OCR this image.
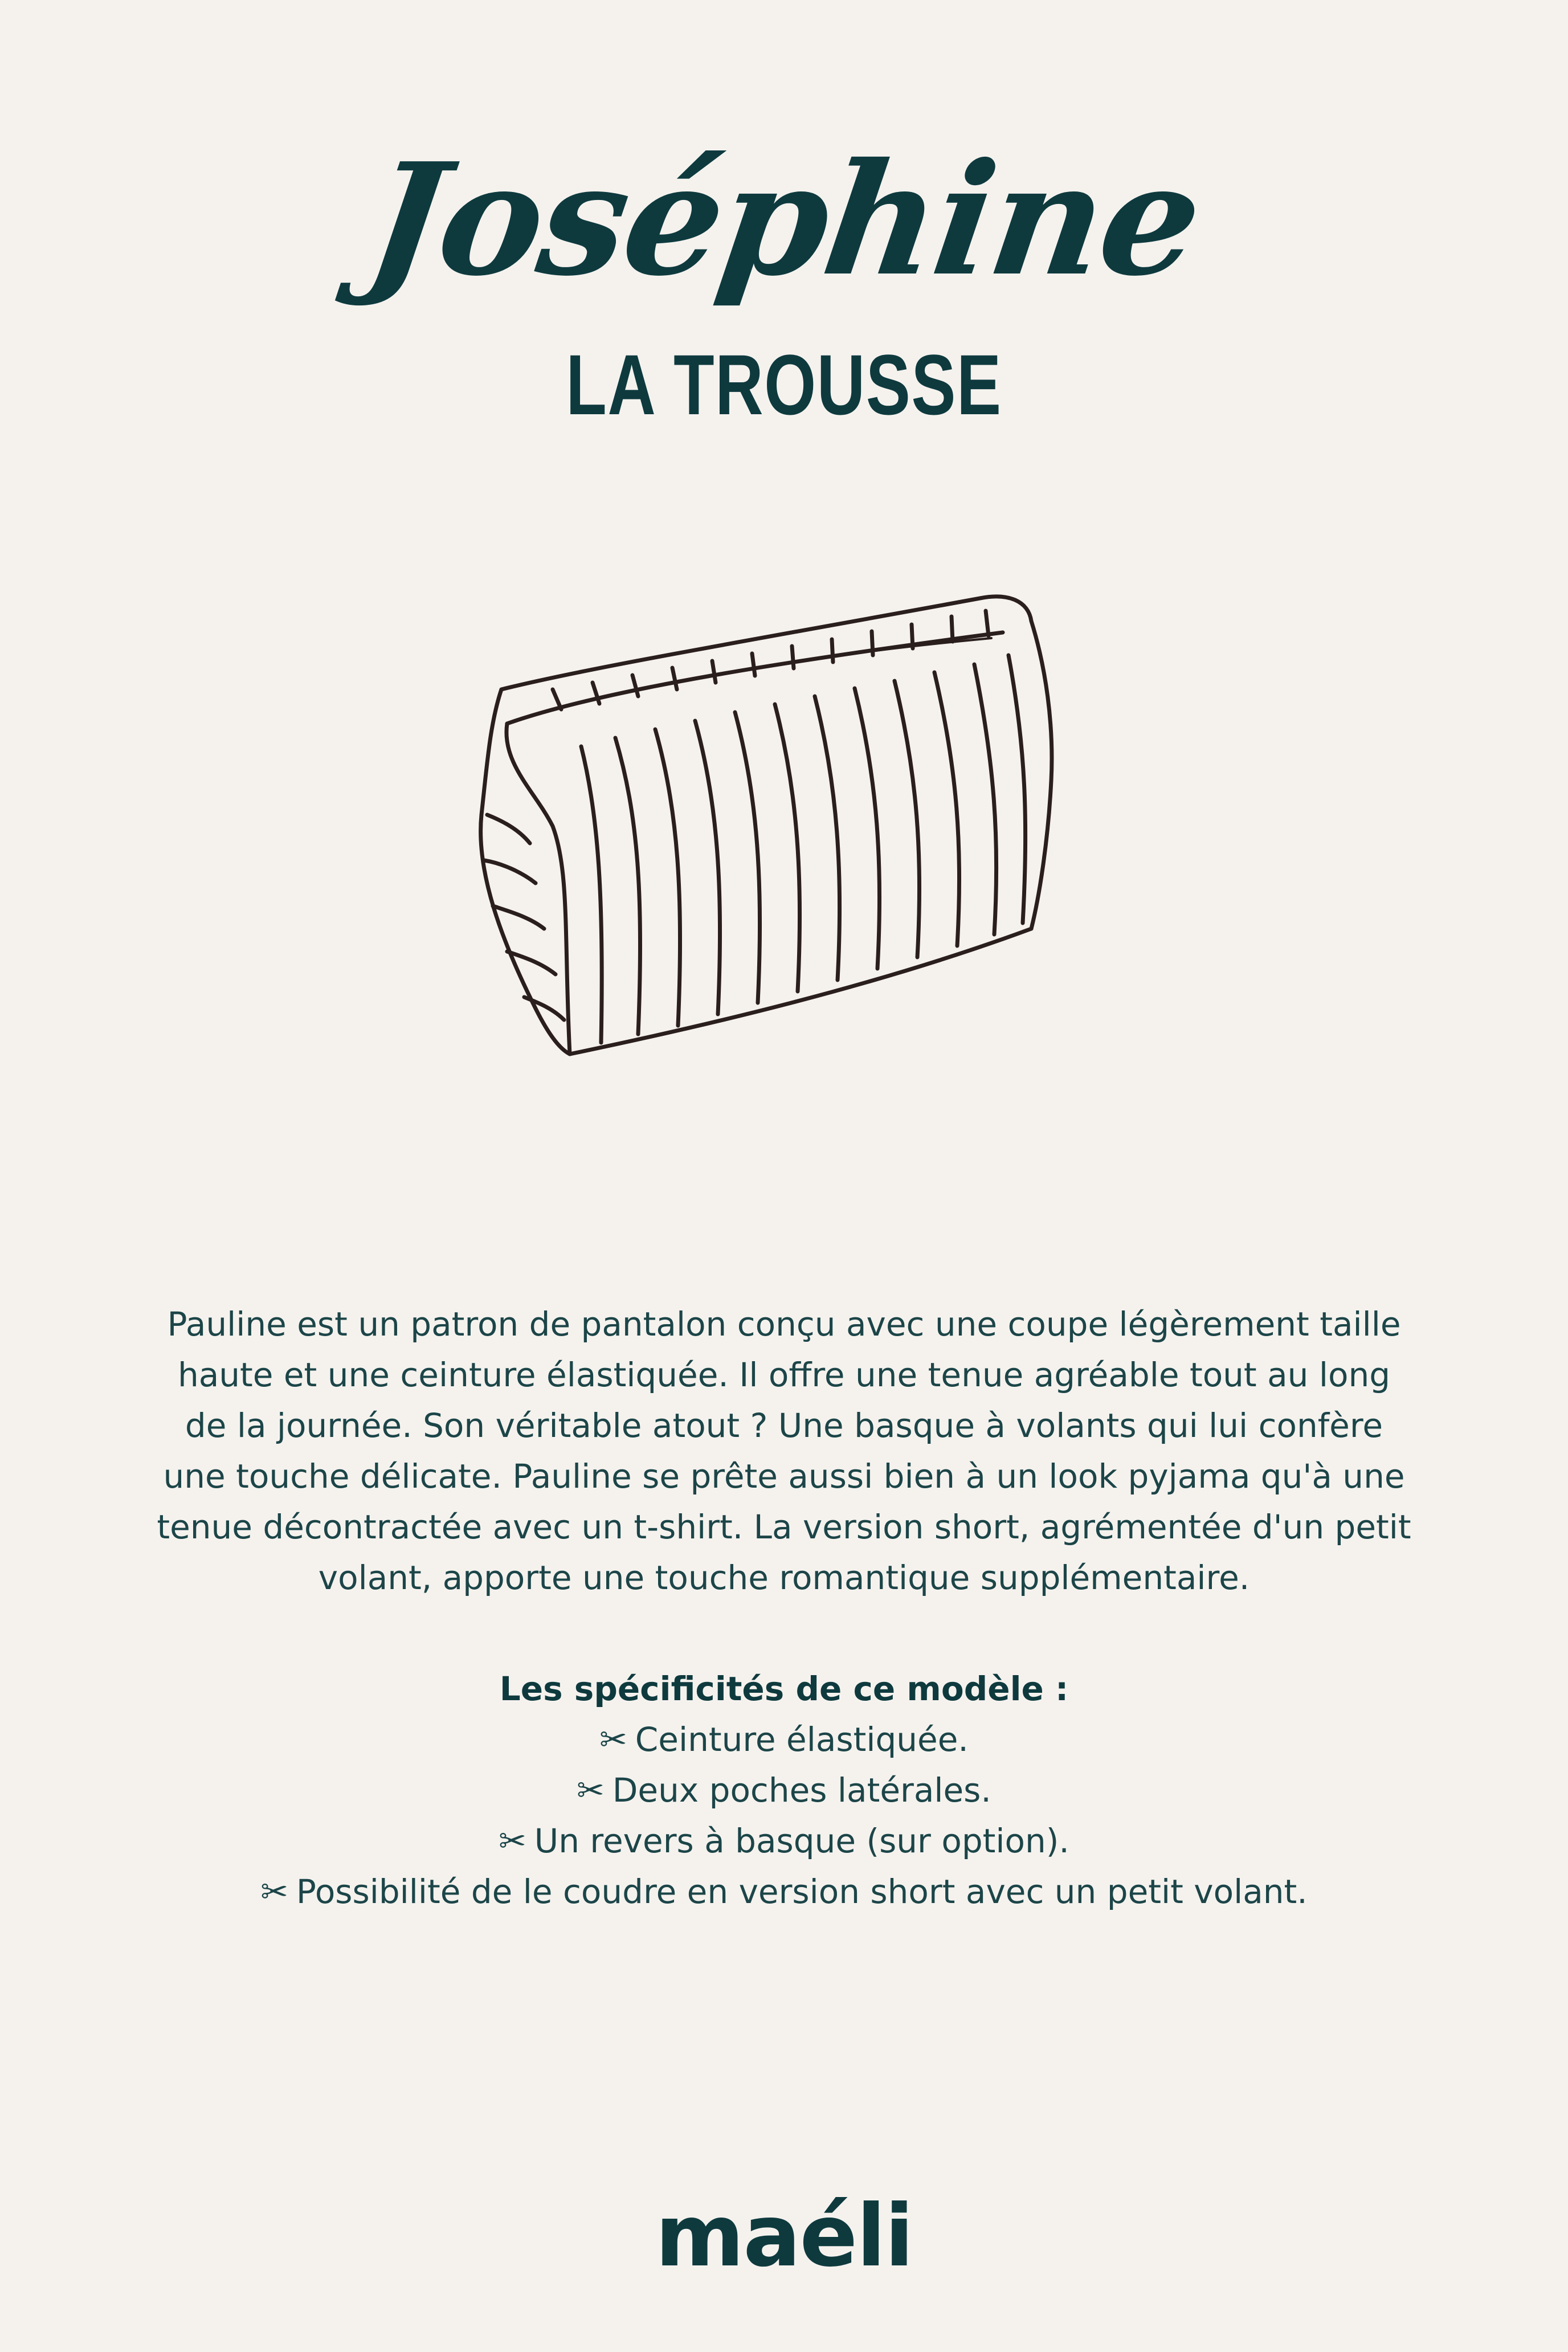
Joséphine
LA TROUSSE
Pauline est un patron de pantalon conçu avec une coupe légèrement taille
haute et une ceinture élastiquée. Il offre une tenue agréable tout au long
de la journée. Son véritable atout ? Une basque à volants qui lui confère
une touche délicate. Pauline se prête aussi bien à un look pyjama qu'à une
tenue décontractée avec un t-shirt. La version short, agrémentée d'un petit
volant, apporte une touche romantique supplémentaire.
Les spécificités de ce modèle :
✂ Ceinture élastiquée.
✂ Deux poches latérales.
✂ Un revers à basque (sur option).
✂ Possibilité de le coudre en version short avec un petit volant.
maéli
